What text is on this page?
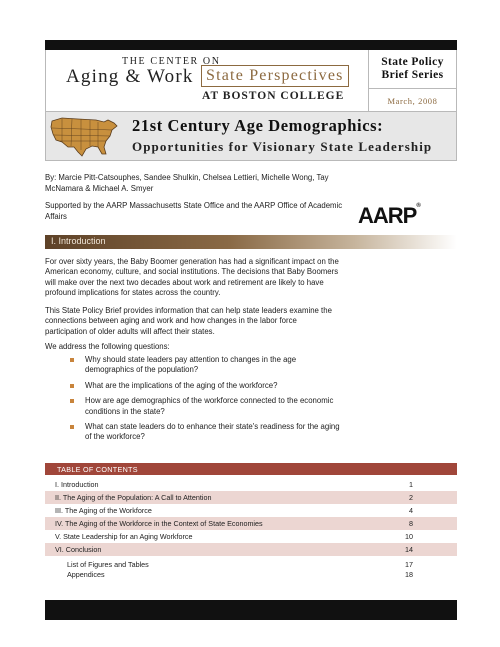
THE CENTER ON
Aging & Work State Perspectives
AT BOSTON COLLEGE
State Policy
Brief Series
March, 2008
21st Century Age Demographics:
Opportunities for Visionary State Leadership
By: Marcie Pitt-Catsouphes, Sandee Shulkin, Chelsea Lettieri, Michelle Wong, Tay McNamara & Michael A. Smyer
Supported by the AARP Massachusetts State Office and the AARP Office of Academic Affairs	AARP®
I. Introduction

For over sixty years, the Baby Boomer generation has had a significant impact on the American economy, culture, and social institutions. The decisions that Baby Boomers will make over the next two decades about work and retirement are likely to have profound implications for states across the country.

This State Policy Brief provides information that can help state leaders examine the connections between aging and work and how changes in the labor force participation of older adults will affect their states.

We address the following questions:

Why should state leaders pay attention to changes in the age demographics of the population?
What are the implications of the aging of the workforce?
How are age demographics of the workforce connected to the economic conditions in the state?
What can state leaders do to enhance their state's readiness for the aging of the workforce?
TABLE OF CONTENTS
I. Introduction	1
II. The Aging of the Population: A Call to Attention	2
III. The Aging of the Workforce	4
IV. The Aging of the Workforce in the Context of State Economies	8
V. State Leadership for an Aging Workforce	10
VI. Conclusion	14
List of Figures and Tables	17
Appendices	18
